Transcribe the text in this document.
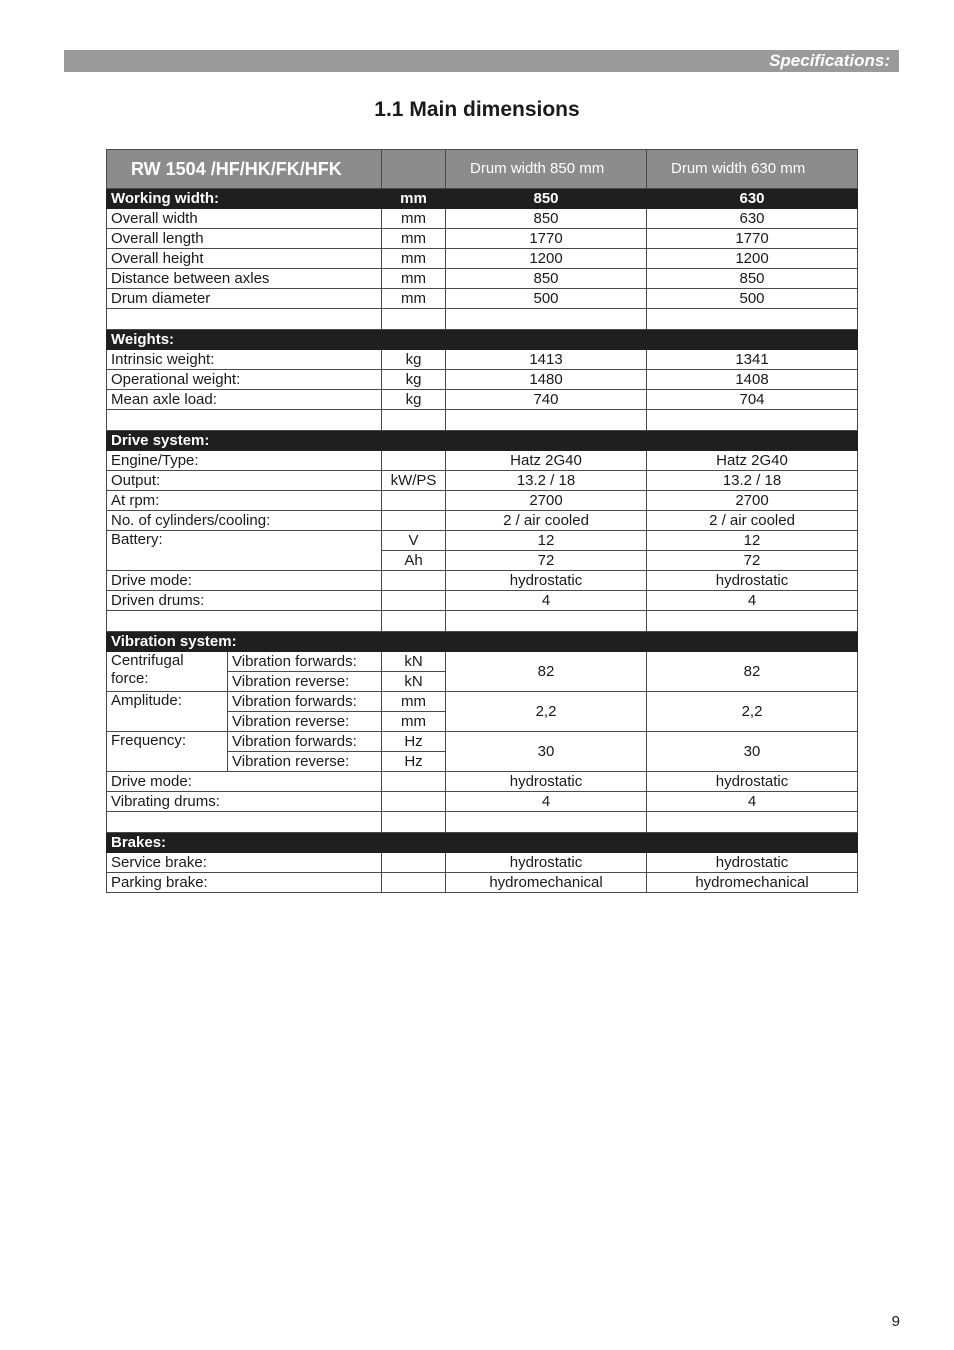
Specifications:
1.1 Main dimensions
RW 1504 /HF/HK/FK/HFK			Drum width 850 mm	Drum width 630 mm
Working width:		mm	850	630
Overall width		mm	850	630
Overall length		mm	1770	1770
Overall height		mm	1200	1200
Distance between axles		mm	850	850
Drum diameter		mm	500	500

Weights:				
Intrinsic weight:		kg	1413	1341
Operational weight:		kg	1480	1408
Mean axle load:		kg	740	704

Drive system:				
Engine/Type:			Hatz 2G40	Hatz 2G40
Output:		kW/PS	13.2 / 18	13.2 / 18
At rpm:			2700	2700
No. of cylinders/cooling:			2 / air cooled	2 / air cooled
Battery:		V	12	12
		Ah	72	72
Drive mode:			hydrostatic	hydrostatic
Driven drums:			4	4

Vibration system:				
Centrifugal force:	Vibration forwards:	kN	82	82
	Vibration reverse:	kN		
Amplitude:	Vibration forwards:	mm	2,2	2,2
	Vibration reverse:	mm		
Frequency:	Vibration forwards:	Hz	30	30
	Vibration reverse:	Hz		
Drive mode:			hydrostatic	hydrostatic
Vibrating drums:			4	4

Brakes:				
Service brake:			hydrostatic	hydrostatic
Parking brake:			hydromechanical	hydromechanical
9
